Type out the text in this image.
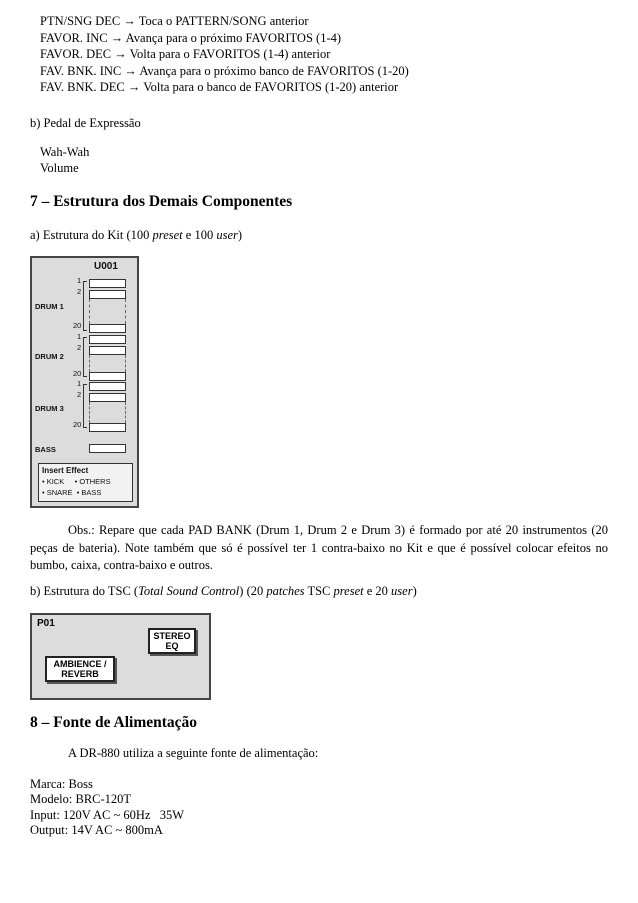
PTN/SNG DEC → Toca o PATTERN/SONG anterior
FAVOR. INC → Avança para o próximo FAVORITOS (1-4)
FAVOR. DEC → Volta para o FAVORITOS (1-4) anterior
FAV. BNK. INC → Avança para o próximo banco de FAVORITOS (1-20)
FAV. BNK. DEC → Volta para o banco de FAVORITOS (1-20) anterior
b) Pedal de Expressão
Wah-Wah
Volume
7 – Estrutura dos Demais Componentes
a) Estrutura do Kit (100 preset e 100 user)
U001
DRUM 1
1
2
20
DRUM 2
1
2
20
DRUM 3
1
2
20
BASS
Insert Effect
• KICK     • OTHERS
• SNARE  • BASS
Obs.: Repare que cada PAD BANK (Drum 1, Drum 2 e Drum 3) é formado por até 20 instrumentos (20 peças de bateria). Note também que só é possível ter 1 contra-baixo no Kit e que é possível colocar efeitos no bumbo, caixa, contra-baixo e outros.
b) Estrutura do TSC (Total Sound Control) (20 patches TSC preset e 20 user)
P01
STEREO
EQ
AMBIENCE /
REVERB
8 – Fonte de Alimentação
A DR-880 utiliza a seguinte fonte de alimentação:
Marca: Boss
Modelo: BRC-120T
Input: 120V AC ~ 60Hz   35W
Output: 14V AC ~ 800mA
